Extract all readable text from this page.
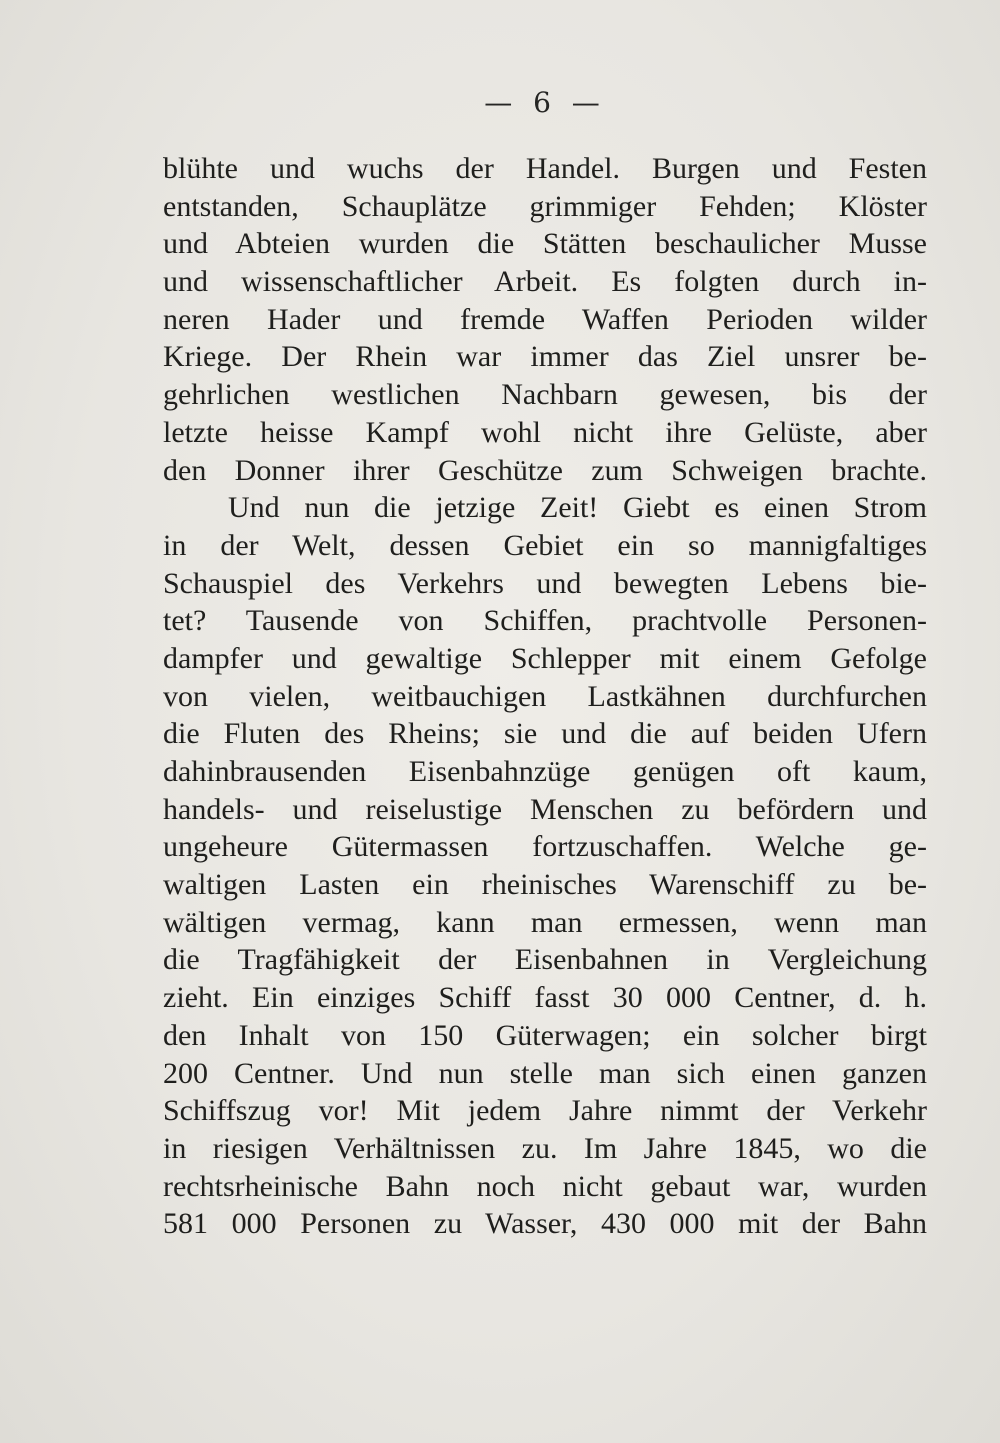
— 6 —
blühte und wuchs der Handel. Burgen und Festen
entstanden, Schauplätze grimmiger Fehden; Klöster
und Abteien wurden die Stätten beschaulicher Musse
und wissenschaftlicher Arbeit. Es folgten durch in-
neren Hader und fremde Waffen Perioden wilder
Kriege. Der Rhein war immer das Ziel unsrer be-
gehrlichen westlichen Nachbarn gewesen, bis der
letzte heisse Kampf wohl nicht ihre Gelüste, aber
den Donner ihrer Geschütze zum Schweigen brachte.
Und nun die jetzige Zeit! Giebt es einen Strom
in der Welt, dessen Gebiet ein so mannigfaltiges
Schauspiel des Verkehrs und bewegten Lebens bie-
tet? Tausende von Schiffen, prachtvolle Personen-
dampfer und gewaltige Schlepper mit einem Gefolge
von vielen, weitbauchigen Lastkähnen durchfurchen
die Fluten des Rheins; sie und die auf beiden Ufern
dahinbrausenden Eisenbahnzüge genügen oft kaum,
handels- und reiselustige Menschen zu befördern und
ungeheure Gütermassen fortzuschaffen. Welche ge-
waltigen Lasten ein rheinisches Warenschiff zu be-
wältigen vermag, kann man ermessen, wenn man
die Tragfähigkeit der Eisenbahnen in Vergleichung
zieht. Ein einziges Schiff fasst 30 000 Centner, d. h.
den Inhalt von 150 Güterwagen; ein solcher birgt
200 Centner. Und nun stelle man sich einen ganzen
Schiffszug vor! Mit jedem Jahre nimmt der Verkehr
in riesigen Verhältnissen zu. Im Jahre 1845, wo die
rechtsrheinische Bahn noch nicht gebaut war, wurden
581 000 Personen zu Wasser, 430 000 mit der Bahn
